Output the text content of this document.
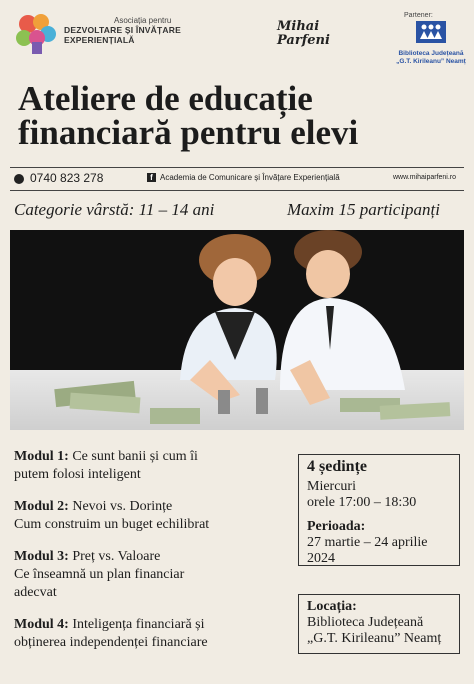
Asociația pentru
DEZVOLTARE ȘI ÎNVĂȚARE EXPERIENȚIALĂ
Mihai
Parfeni
Partener:
Biblioteca Județeană
„G.T. Kirileanu” Neamț
Ateliere de educație
financiară pentru elevi
0740 823 278	f Academia de Comunicare și Învățare Experiențială	www.mihaiparfeni.ro
Categorie vârstă: 11 – 14 ani	Maxim 15 participanți
Modul 1: Ce sunt banii și cum îi
putem folosi inteligent
Modul 2: Nevoi vs. Dorințe
Cum construim un buget echilibrat
Modul 3: Preț vs. Valoare
Ce înseamnă un plan financiar
adecvat
Modul 4: Inteligența financiară și
obținerea independenței financiare
4 ședințe
Miercuri
orele 17:00 – 18:30
Perioada:
27 martie – 24 aprilie 2024
Locația:
Biblioteca Județeană
„G.T. Kirileanu” Neamț
